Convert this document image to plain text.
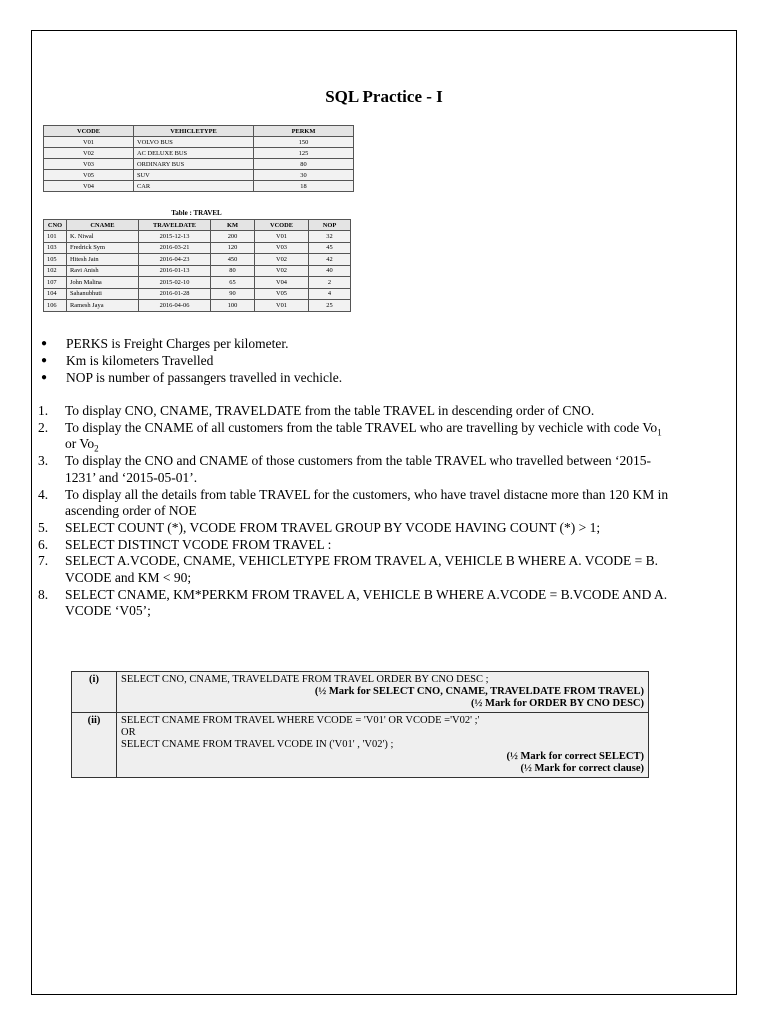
SQL Practice - I
VCODE	VEHICLETYPE	PERKM
V01	VOLVO BUS	150
V02	AC DELUXE BUS	125
V03	ORDINARY BUS	80
V05	SUV	30
V04	CAR	18
Table : TRAVEL
CNO	CNAME	TRAVELDATE	KM	VCODE	NOP
101	K. Niwal	2015-12-13	200	V01	32
103	Fredrick Sym	2016-03-21	120	V03	45
105	Hitesh Jain	2016-04-23	450	V02	42
102	Ravi Anish	2016-01-13	80	V02	40
107	John Malina	2015-02-10	65	V04	2
104	Sahanubhuti	2016-01-28	90	V05	4
106	Ramesh Jaya	2016-04-06	100	V01	25
● PERKS is Freight Charges per kilometer.
● Km is kilometers Travelled
● NOP is number of passangers travelled in vechicle.
1. To display CNO, CNAME, TRAVELDATE from the table TRAVEL in descending order of CNO.
2. To display the CNAME of all customers from the table TRAVEL who are travelling by vechicle with code $Vo_1$ or $Vo_2$
3. To display the CNO and CNAME of those customers from the table TRAVEL who travelled between ‘2015-1231’ and ‘2015-05-01’.
4. To display all the details from table TRAVEL for the customers, who have travel distacne more than 120 KM in ascending order of NOE
5. SELECT COUNT (*), VCODE FROM TRAVEL GROUP BY VCODE HAVING COUNT (*) > 1;
6. SELECT DISTINCT VCODE FROM TRAVEL :
7. SELECT A.VCODE, CNAME, VEHICLETYPE FROM TRAVEL A, VEHICLE B WHERE A. VCODE = B. VCODE and KM < 90;
8. SELECT CNAME, KM*PERKM FROM TRAVEL A, VEHICLE B WHERE A.VCODE = B.VCODE AND A. VCODE ‘V05’;
(i)	SELECT CNO, CNAME, TRAVELDATE FROM TRAVEL ORDER BY CNO DESC ;
(½ Mark for SELECT CNO, CNAME, TRAVELDATE FROM TRAVEL)
(½ Mark for ORDER BY CNO DESC)

(ii)	SELECT CNAME FROM TRAVEL WHERE VCODE = 'V01' OR VCODE ='V02' ;'
OR
SELECT CNAME FROM TRAVEL VCODE IN ('V01' , 'V02') ;
(½ Mark for correct SELECT)
(½ Mark for correct clause)
